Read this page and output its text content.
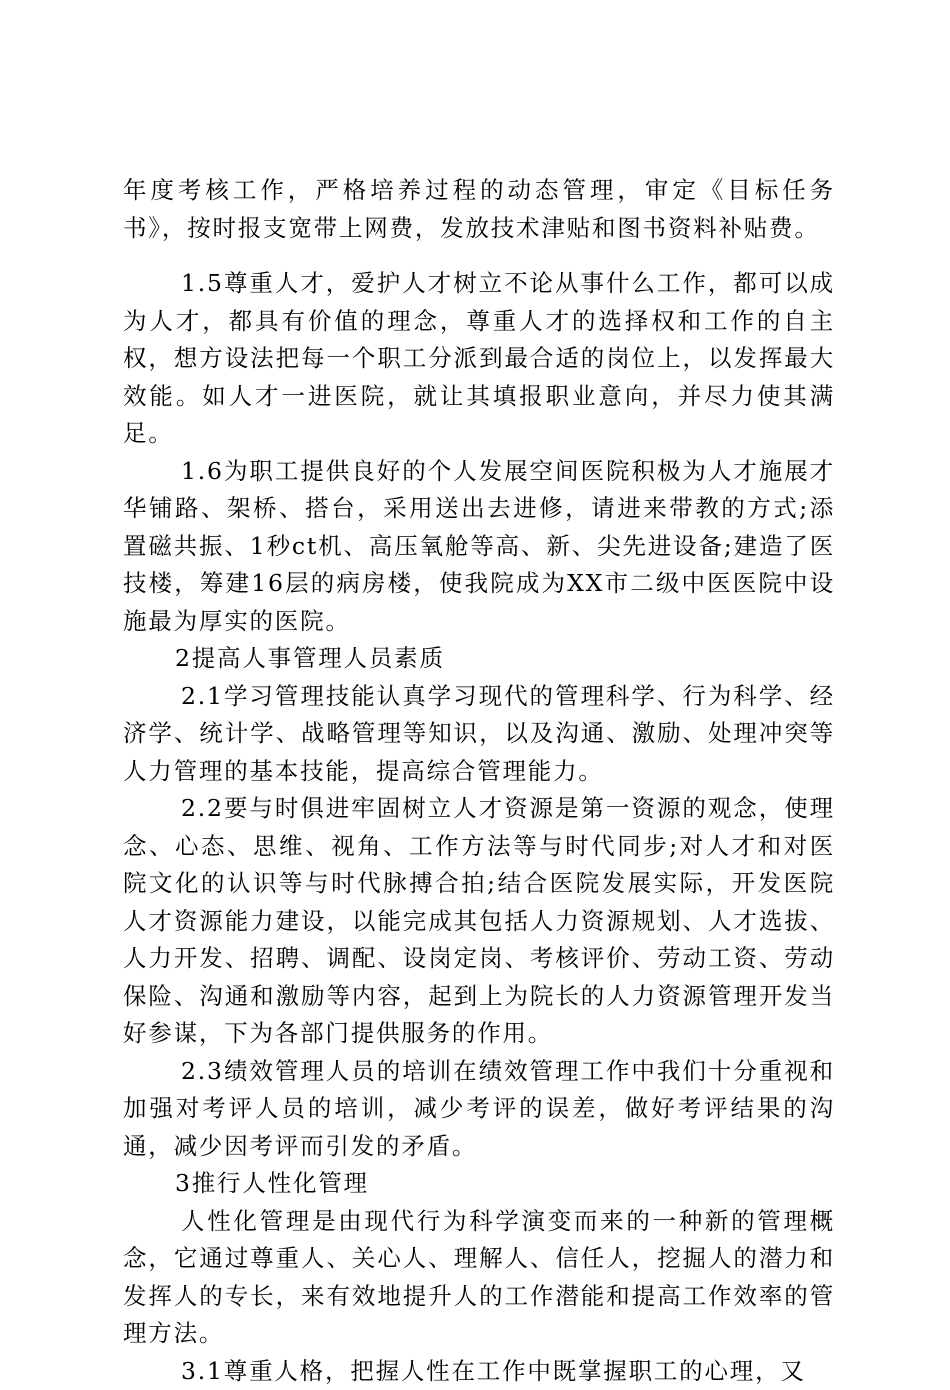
年度考核工作，严格培养过程的动态管理，审定《目标任务书》，按时报支宽带上网费，发放技术津贴和图书资料补贴费。

1.5尊重人才，爱护人才树立不论从事什么工作，都可以成为人才，都具有价值的理念，尊重人才的选择权和工作的自主权，想方设法把每一个职工分派到最合适的岗位上，以发挥最大效能。如人才一进医院，就让其填报职业意向，并尽力使其满足。

1.6为职工提供良好的个人发展空间医院积极为人才施展才华铺路、架桥、搭台，采用送出去进修，请进来带教的方式;添置磁共振、1秒ct机、高压氧舱等高、新、尖先进设备;建造了医技楼，筹建16层的病房楼，使我院成为XX市二级中医医院中设施最为厚实的医院。

2提高人事管理人员素质

2.1学习管理技能认真学习现代的管理科学、行为科学、经济学、统计学、战略管理等知识，以及沟通、激励、处理冲突等人力管理的基本技能，提高综合管理能力。

2.2要与时俱进牢固树立人才资源是第一资源的观念，使理念、心态、思维、视角、工作方法等与时代同步;对人才和对医院文化的认识等与时代脉搏合拍;结合医院发展实际，开发医院人才资源能力建设，以能完成其包括人力资源规划、人才选拔、人力开发、招聘、调配、设岗定岗、考核评价、劳动工资、劳动保险、沟通和激励等内容，起到上为院长的人力资源管理开发当好参谋，下为各部门提供服务的作用。

2.3绩效管理人员的培训在绩效管理工作中我们十分重视和加强对考评人员的培训，减少考评的误差，做好考评结果的沟通，减少因考评而引发的矛盾。

3推行人性化管理

人性化管理是由现代行为科学演变而来的一种新的管理概念，它通过尊重人、关心人、理解人、信任人，挖掘人的潜力和发挥人的专长，来有效地提升人的工作潜能和提高工作效率的管理方法。

3.1尊重人格，把握人性在工作中既掌握职工的心理，又
